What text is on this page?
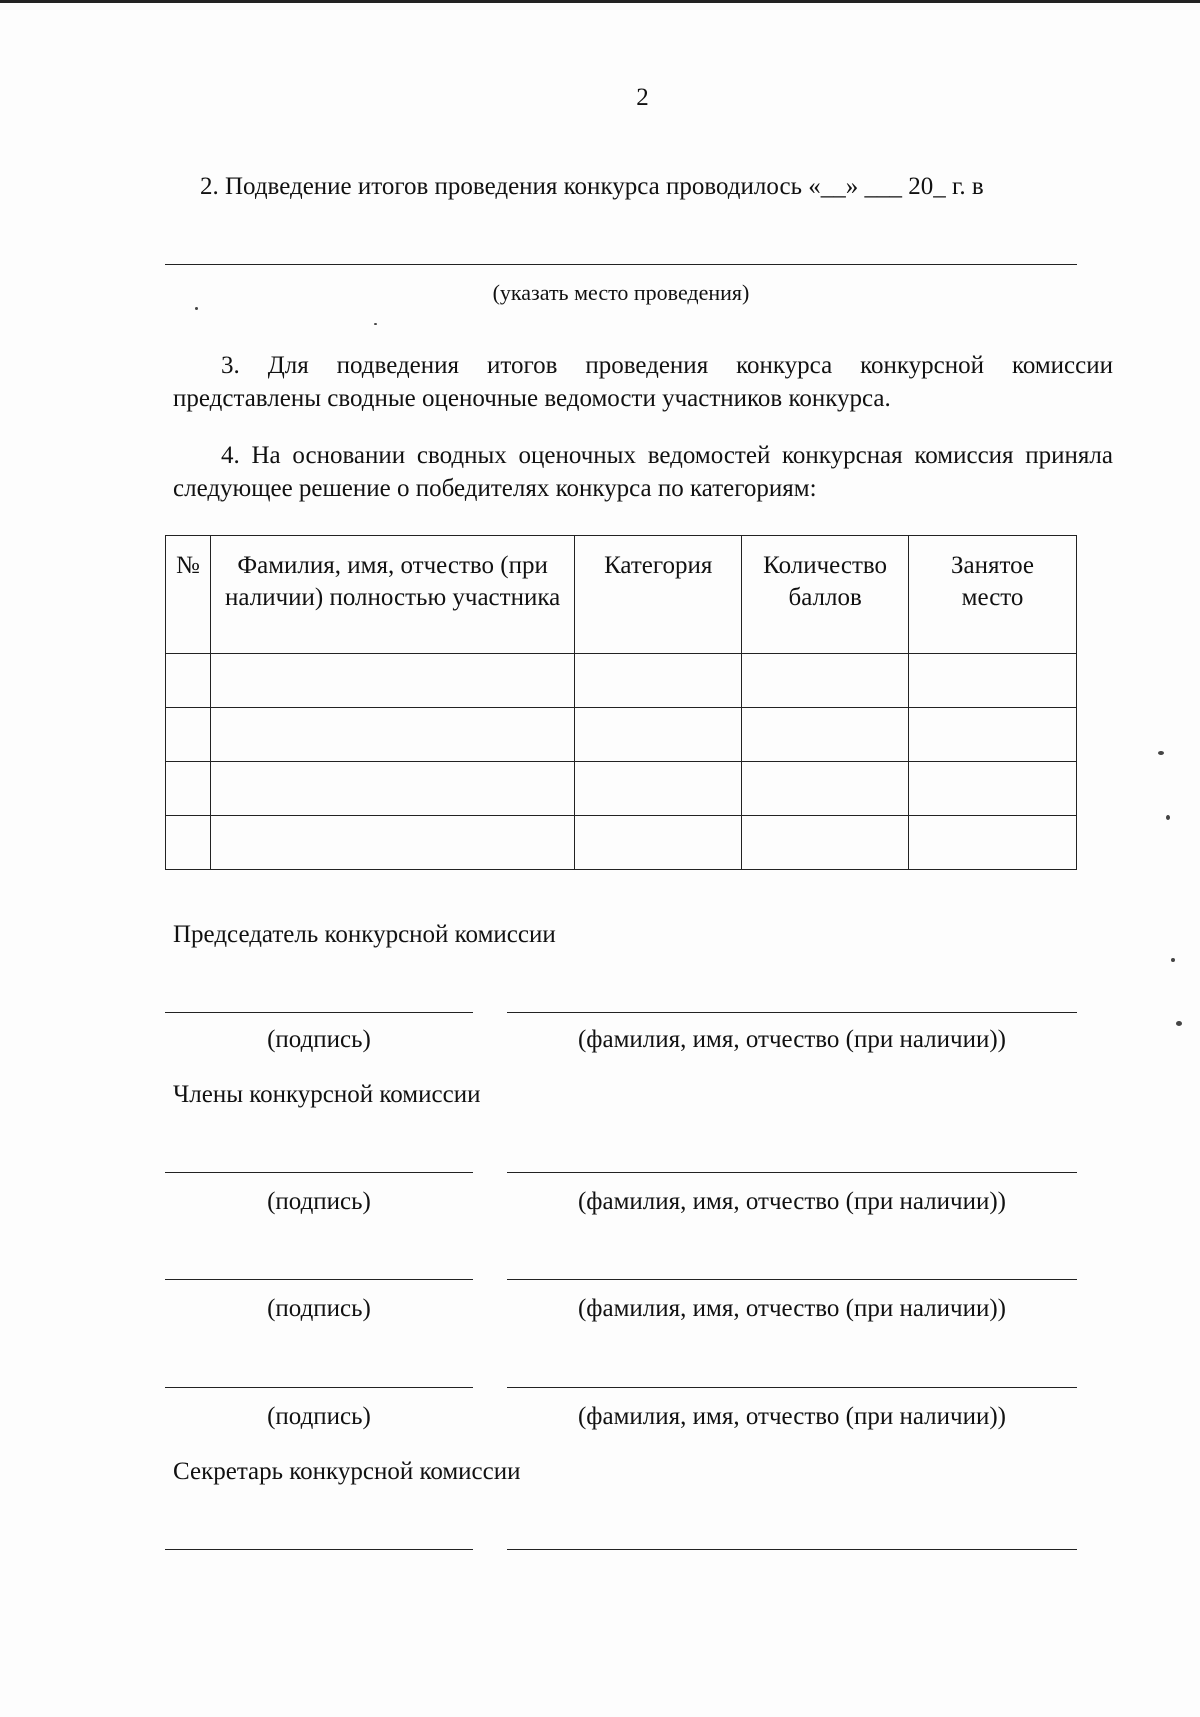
2
2. Подведение итогов проведения конкурса проводилось «__» ___ 20_ г. в
(указать место проведения)
3. Для подведения итогов проведения конкурса конкурсной комиссии представлены сводные оценочные ведомости участников конкурса.
4. На основании сводных оценочных ведомостей конкурсная комиссия приняла следующее решение о победителях конкурса по категориям:
№	Фамилия, имя, отчество (при наличии) полностью участника	Категория	Количество баллов	Занятое место

Председатель конкурсной комиссии
(подпись)	(фамилия, имя, отчество (при наличии))
Члены конкурсной комиссии
(подпись)	(фамилия, имя, отчество (при наличии))
(подпись)	(фамилия, имя, отчество (при наличии))
(подпись)	(фамилия, имя, отчество (при наличии))
Секретарь конкурсной комиссии
